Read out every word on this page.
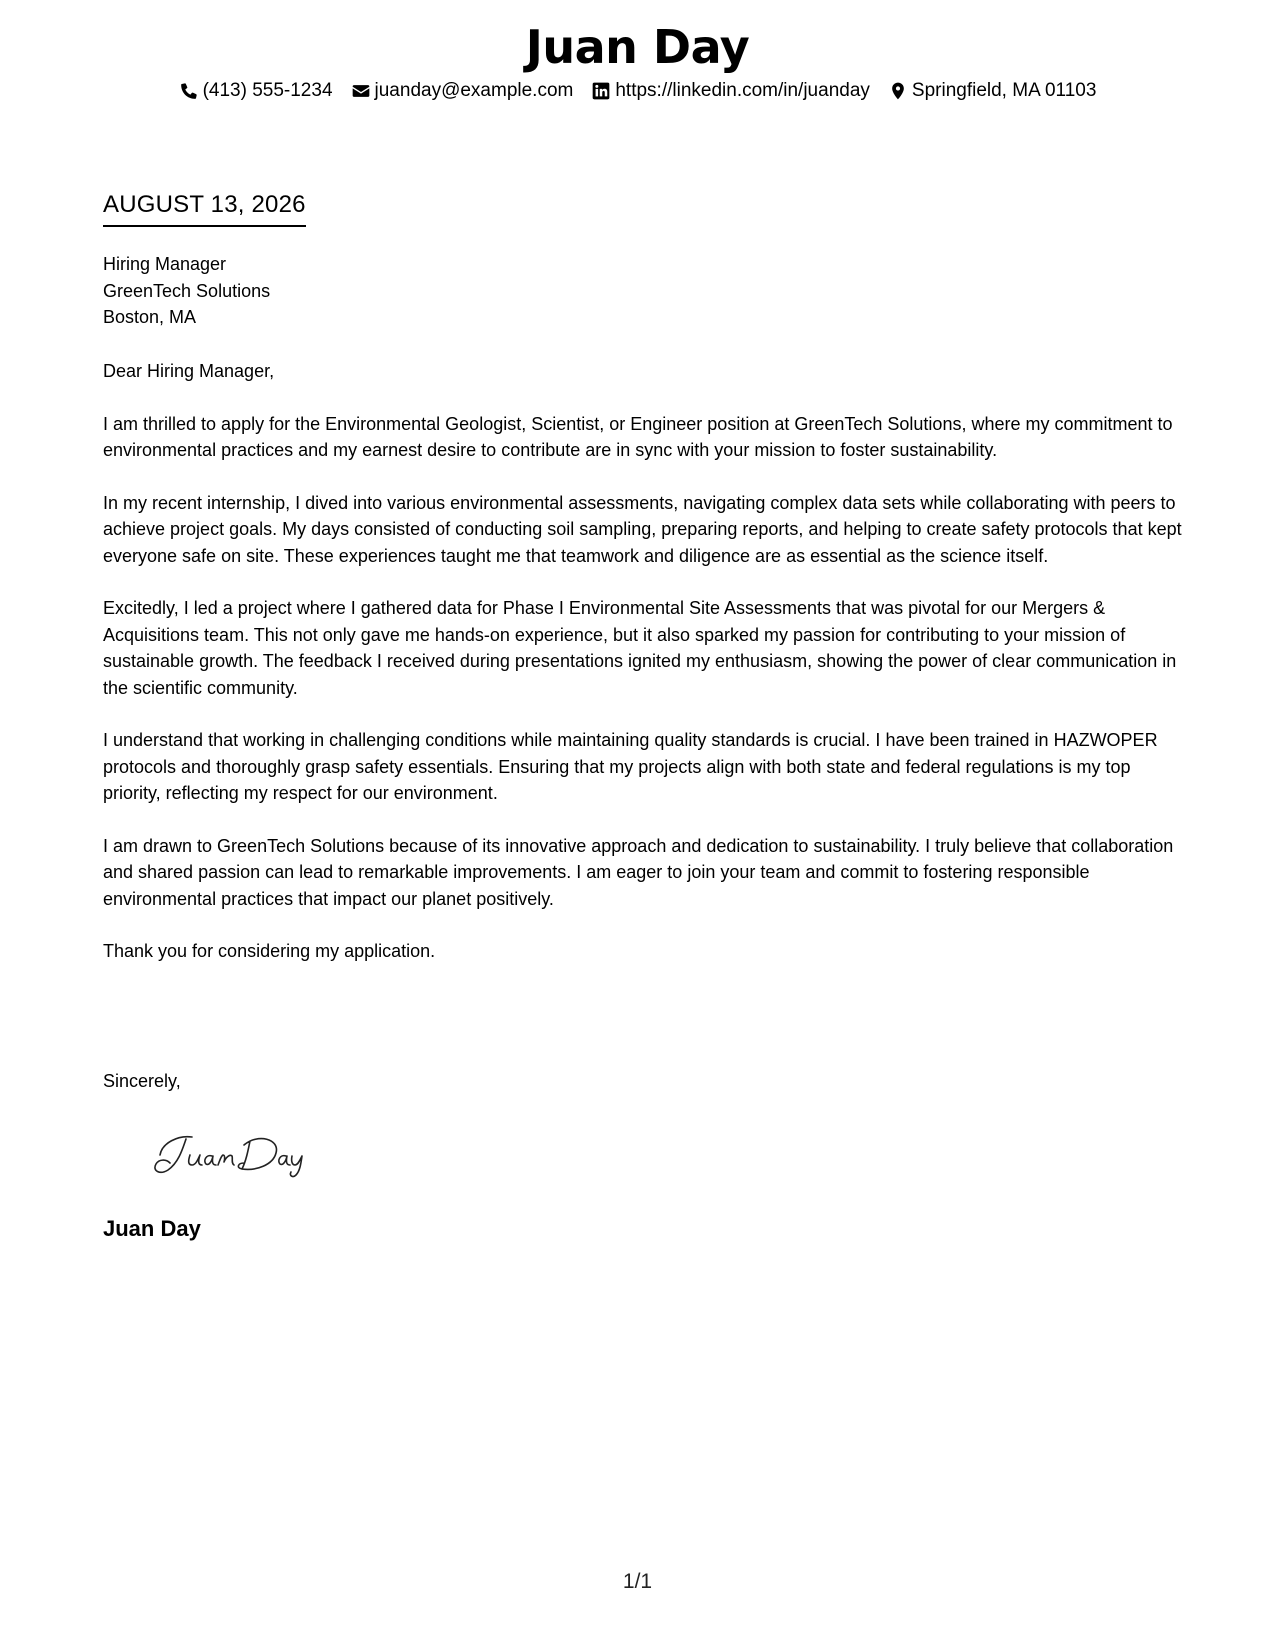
Juan Day
(413) 555-1234 juanday@example.com https://linkedin.com/in/juanday Springfield, MA 01103
AUGUST 13, 2026
Hiring Manager
GreenTech Solutions
Boston, MA

Dear Hiring Manager,

I am thrilled to apply for the Environmental Geologist, Scientist, or Engineer position at GreenTech Solutions, where my commitment to environmental practices and my earnest desire to contribute are in sync with your mission to foster sustainability.

In my recent internship, I dived into various environmental assessments, navigating complex data sets while collaborating with peers to achieve project goals. My days consisted of conducting soil sampling, preparing reports, and helping to create safety protocols that kept everyone safe on site. These experiences taught me that teamwork and diligence are as essential as the science itself.

Excitedly, I led a project where I gathered data for Phase I Environmental Site Assessments that was pivotal for our Mergers & Acquisitions team. This not only gave me hands-on experience, but it also sparked my passion for contributing to your mission of sustainable growth. The feedback I received during presentations ignited my enthusiasm, showing the power of clear communication in the scientific community.

I understand that working in challenging conditions while maintaining quality standards is crucial. I have been trained in HAZWOPER protocols and thoroughly grasp safety essentials. Ensuring that my projects align with both state and federal regulations is my top priority, reflecting my respect for our environment.

I am drawn to GreenTech Solutions because of its innovative approach and dedication to sustainability. I truly believe that collaboration and shared passion can lead to remarkable improvements. I am eager to join your team and commit to fostering responsible environmental practices that impact our planet positively.

Thank you for considering my application.

Sincerely,
Juan Day
1/1
